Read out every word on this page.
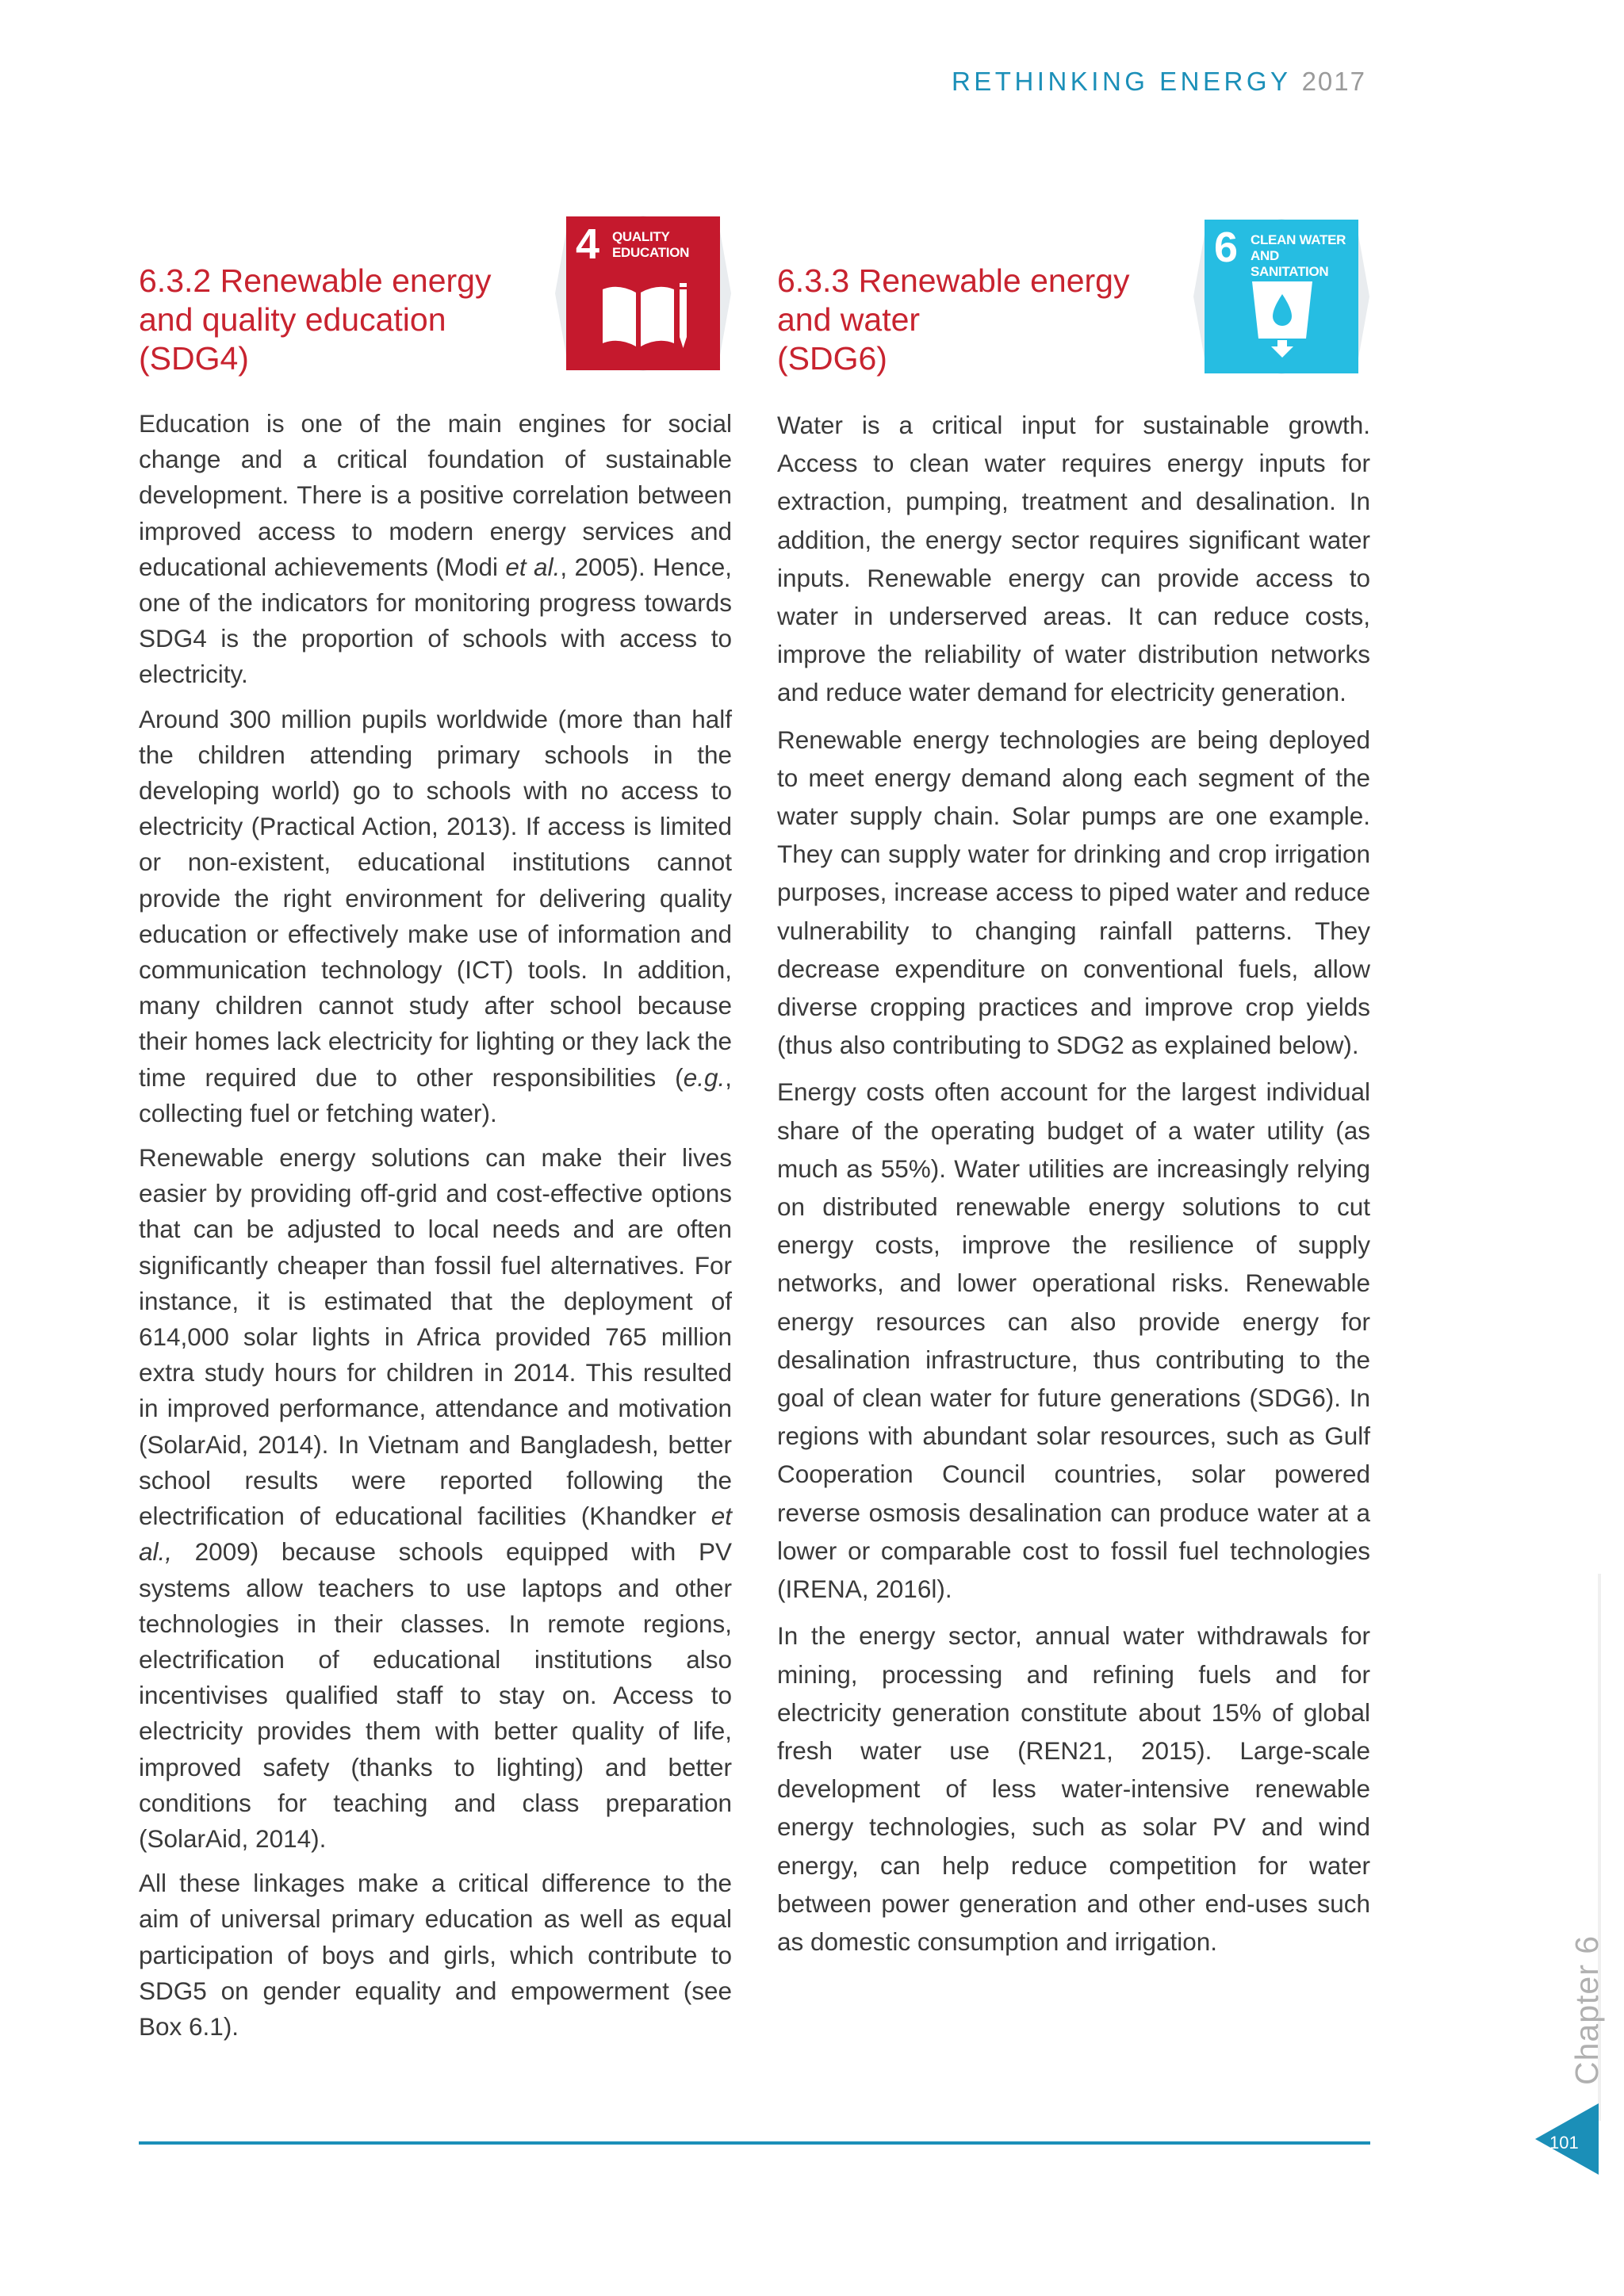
RETHINKING ENERGY 2017
4 QUALITY
EDUCATION	6 CLEAN WATER
AND SANITATION
6.3.2 Renewable energy
and quality education
(SDG4)

Education is one of the main engines for social change and a critical foundation of sustainable development. There is a positive correlation between improved access to modern energy services and educational achievements (Modi et al., 2005). Hence, one of the indicators for monitoring progress towards SDG4 is the proportion of schools with access to electricity.

Around 300 million pupils worldwide (more than half the children attending primary schools in the developing world) go to schools with no access to electricity (Practical Action, 2013). If access is limited or non-existent, educational institutions cannot provide the right environment for delivering quality education or effectively make use of information and communication technology (ICT) tools. In addition, many children cannot study after school because their homes lack electricity for lighting or they lack the time required due to other responsibilities (e.g., collecting fuel or fetching water).

Renewable energy solutions can make their lives easier by providing off-grid and cost-effective options that can be adjusted to local needs and are often significantly cheaper than fossil fuel alternatives. For instance, it is estimated that the deployment of 614,000 solar lights in Africa provided 765 million extra study hours for children in 2014. This resulted in improved performance, attendance and motivation (SolarAid, 2014). In Vietnam and Bangladesh, better school results were reported following the electrification of educational facilities (Khandker et al., 2009) because schools equipped with PV systems allow teachers to use laptops and other technologies in their classes. In remote regions, electrification of educational institutions also incentivises qualified staff to stay on. Access to electricity provides them with better quality of life, improved safety (thanks to lighting) and better conditions for teaching and class preparation (SolarAid, 2014).

All these linkages make a critical difference to the aim of universal primary education as well as equal participation of boys and girls, which contribute to SDG5 on gender equality and empowerment (see Box 6.1).

6.3.3 Renewable energy
and water
(SDG6)

Water is a critical input for sustainable growth. Access to clean water requires energy inputs for extraction, pumping, treatment and desalination. In addition, the energy sector requires significant water inputs. Renewable energy can provide access to water in underserved areas. It can reduce costs, improve the reliability of water distribution networks and reduce water demand for electricity generation.

Renewable energy technologies are being deployed to meet energy demand along each segment of the water supply chain. Solar pumps are one example. They can supply water for drinking and crop irrigation purposes, increase access to piped water and reduce vulnerability to changing rainfall patterns. They decrease expenditure on conventional fuels, allow diverse cropping practices and improve crop yields (thus also contributing to SDG2 as explained below).

Energy costs often account for the largest individual share of the operating budget of a water utility (as much as 55%). Water utilities are increasingly relying on distributed renewable energy solutions to cut energy costs, improve the resilience of supply networks, and lower operational risks. Renewable energy resources can also provide energy for desalination infrastructure, thus contributing to the goal of clean water for future generations (SDG6). In regions with abundant solar resources, such as Gulf Cooperation Council countries, solar powered reverse osmosis desalination can produce water at a lower or comparable cost to fossil fuel technologies (IRENA, 2016l).

In the energy sector, annual water withdrawals for mining, processing and refining fuels and for electricity generation constitute about 15% of global fresh water use (REN21, 2015). Large-scale development of less water-intensive renewable energy technologies, such as solar PV and wind energy, can help reduce competition for water between power generation and other end-uses such as domestic consumption and irrigation.	Chapter 6
101
